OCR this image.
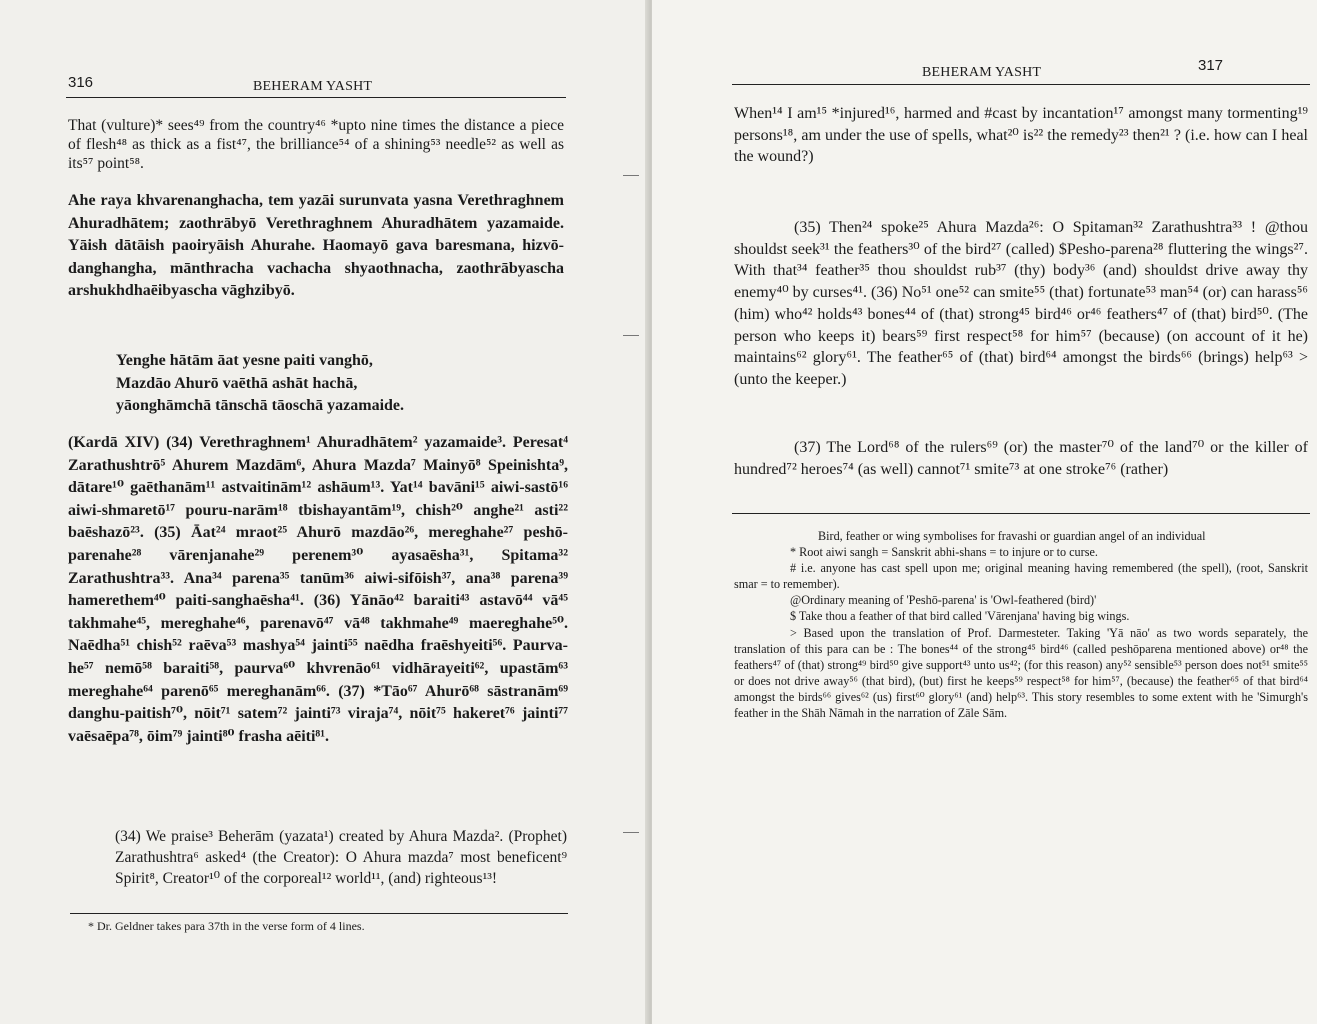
316	BEHERAM YASHT
That (vulture)* sees⁴⁹ from the country⁴⁶ *upto nine times the distance a piece of flesh⁴⁸ as thick as a fist⁴⁷, the brilliance⁵⁴ of a shining⁵³ needle⁵² as well as its⁵⁷ point⁵⁸.
Ahe raya khvarenanghacha, tem yazāi surunvata yasna Verethraghnem Ahuradhātem; zaothrābyō Verethraghnem Ahuradhātem yazamaide. Yāish dātāish paoiryāish Ahurahe. Haomayō gava baresmana, hizvō-danghangha, mānthracha vachacha shyaothnacha, zaothrābyascha arshukhdhaēibyascha vāghzibyō.

Yenghe hātām āat yesne paiti vanghō,

Mazdāo Ahurō vaēthā ashāt hachā,

yāonghāmchā tānschā tāoschā yazamaide.

(Kardā XIV) (34) Verethraghnem¹ Ahuradhātem² yazamaide³. Peresat⁴ Zarathushtrō⁵ Ahurem Mazdām⁶, Ahura Mazda⁷ Mainyō⁸ Speinishta⁹, dātare¹⁰ gaēthanām¹¹ astvaitinām¹² ashāum¹³. Yat¹⁴ bavāni¹⁵ aiwi-sastō¹⁶ aiwi-shmaretō¹⁷ pouru-narām¹⁸ tbishayantām¹⁹, chish²⁰ anghe²¹ asti²² baēshazō²³. (35) Āat²⁴ mraot²⁵ Ahurō mazdāo²⁶, mereghahe²⁷ peshō-parenahe²⁸ vārenjanahe²⁹ perenem³⁰ ayasaēsha³¹, Spitama³² Zarathushtra³³. Ana³⁴ parena³⁵ tanūm³⁶ aiwi-sifōish³⁷, ana³⁸ parena³⁹ hamerethem⁴⁰ paiti-sanghaēsha⁴¹. (36) Yānāo⁴² baraiti⁴³ astavō⁴⁴ vā⁴⁵ takhmahe⁴⁵, mereghahe⁴⁶, parenavō⁴⁷ vā⁴⁸ takhmahe⁴⁹ maereghahe⁵⁰. Naēdha⁵¹ chish⁵² raēva⁵³ mashya⁵⁴ jainti⁵⁵ naēdha fraēshyeiti⁵⁶. Paurva-he⁵⁷ nemō⁵⁸ baraiti⁵⁸, paurva⁶⁰ khvrenāo⁶¹ vidhārayeiti⁶², upastām⁶³ mereghahe⁶⁴ parenō⁶⁵ mereghanām⁶⁶. (37) *Tāo⁶⁷ Ahurō⁶⁸ sāstranām⁶⁹ danghu-paitish⁷⁰, nōit⁷¹ satem⁷² jainti⁷³ viraja⁷⁴, nōit⁷⁵ hakeret⁷⁶ jainti⁷⁷ vaēsaēpa⁷⁸, ōim⁷⁹ jainti⁸⁰ frasha aēiti⁸¹.
(34) We praise³ Beherām (yazata¹) created by Ahura Mazda². (Prophet) Zarathushtra⁶ asked⁴ (the Creator): O Ahura mazda⁷ most beneficent⁹ Spirit⁸, Creator¹⁰ of the corporeal¹² world¹¹, (and) righteous¹³!
* Dr. Geldner takes para 37th in the verse form of 4 lines.
BEHERAM YASHT	317
When¹⁴ I am¹⁵ *injured¹⁶, harmed and #cast by incantation¹⁷ amongst many tormenting¹⁹ persons¹⁸, am under the use of spells, what²⁰ is²² the remedy²³ then²¹ ? (i.e. how can I heal the wound?)
(35) Then²⁴ spoke²⁵ Ahura Mazda²⁶: O Spitaman³² Zarathushtra³³ ! @thou shouldst seek³¹ the feathers³⁰ of the bird²⁷ (called) $Pesho-parena²⁸ fluttering the wings²⁷. With that³⁴ feather³⁵ thou shouldst rub³⁷ (thy) body³⁶ (and) shouldst drive away thy enemy⁴⁰ by curses⁴¹. (36) No⁵¹ one⁵² can smite⁵⁵ (that) fortunate⁵³ man⁵⁴ (or) can harass⁵⁶ (him) who⁴² holds⁴³ bones⁴⁴ of (that) strong⁴⁵ bird⁴⁶ or⁴⁶ feathers⁴⁷ of (that) bird⁵⁰. (The person who keeps it) bears⁵⁹ first respect⁵⁸ for him⁵⁷ (because) (on account of it he) maintains⁶² glory⁶¹. The feather⁶⁵ of (that) bird⁶⁴ amongst the birds⁶⁶ (brings) help⁶³ >(unto the keeper.)
(37) The Lord⁶⁸ of the rulers⁶⁹ (or) the master⁷⁰ of the land⁷⁰ or the killer of hundred⁷² heroes⁷⁴ (as well) cannot⁷¹ smite⁷³ at one stroke⁷⁶ (rather)

Bird, feather or wing symbolises for fravashi or guardian angel of an individual

* Root aiwi sangh = Sanskrit abhi-shans = to injure or to curse.

# i.e. anyone has cast spell upon me; original meaning having remembered (the spell), (root, Sanskrit smar = to remember).

@Ordinary meaning of 'Peshō-parena' is 'Owl-feathered (bird)'

$ Take thou a feather of that bird called 'Vārenjana' having big wings.

> Based upon the translation of Prof. Darmesteter. Taking 'Yā nāo' as two words separately, the translation of this para can be : The bones⁴⁴ of the strong⁴⁵ bird⁴⁶ (called peshōparena mentioned above) or⁴⁸ the feathers⁴⁷ of (that) strong⁴⁹ bird⁵⁰ give support⁴³ unto us⁴²; (for this reason) any⁵² sensible⁵³ person does not⁵¹ smite⁵⁵ or does not drive away⁵⁶ (that bird), (but) first he keeps⁵⁹ respect⁵⁸ for him⁵⁷, (because) the feather⁶⁵ of that bird⁶⁴ amongst the birds⁶⁶ gives⁶² (us) first⁶⁰ glory⁶¹ (and) help⁶³. This story resembles to some extent with he 'Simurgh's feather in the Shāh Nāmah in the narration of Zāle Sām.
